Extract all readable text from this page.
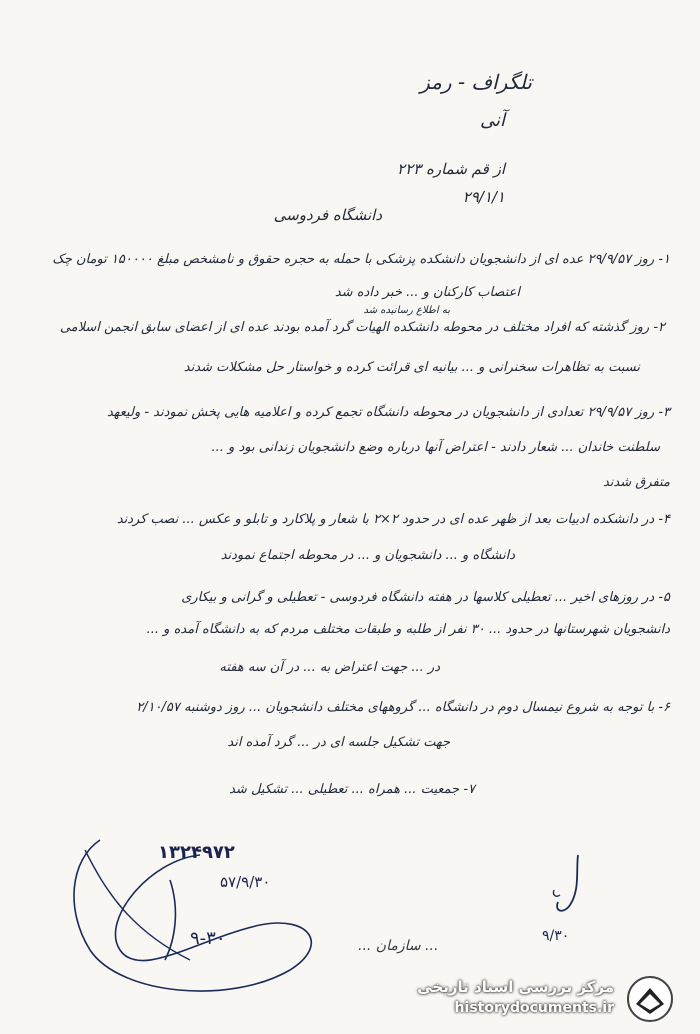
تلگراف - رمز
آنی
از قم شماره ۲۲۳
۲۹/۱/۱
دانشگاه فردوسی
۱- روز ۲۹/۹/۵۷ عده ای از دانشجویان دانشکده پزشکی با حمله به حجره حقوق و نامشخص مبلغ ۱۵۰۰۰۰ تومان چک
اعتصاب کارکنان و ... خبر داده شد
به اطلاع رسانیده شد
۲- روز گذشته که افراد مختلف در محوطه دانشکده الهیات گرد آمده بودند عده ای از اعضای سابق انجمن اسلامی
نسبت به تظاهرات سخنرانی و ... بیانیه ای قرائت کرده و خواستار حل مشکلات شدند
۳- روز ۲۹/۹/۵۷ تعدادی از دانشجویان در محوطه دانشگاه تجمع کرده و اعلامیه هایی پخش نمودند - ولیعهد
سلطنت خاندان ... شعار دادند - اعتراض آنها درباره وضع دانشجویان زندانی بود و ...
متفرق شدند
۴- در دانشکده ادبیات بعد از ظهر عده ای در حدود ۲×۲ با شعار و پلاکارد و تابلو و عکس ... نصب کردند
دانشگاه و ... دانشجویان و ... در محوطه اجتماع نمودند
۵- در روزهای اخیر ... تعطیلی کلاسها در هفته دانشگاه فردوسی - تعطیلی و گرانی و بیکاری
دانشجویان شهرستانها در حدود ... ۳۰ نفر از طلبه و طبقات مختلف مردم که به دانشگاه آمده و ...
در ... جهت اعتراض به ... در آن سه هفته
۶- با توجه به شروع نیمسال دوم در دانشگاه ... گروههای مختلف دانشجویان ... روز دوشنبه ۲/۱۰/۵۷
جهت تشکیل جلسه ای در ... گرد آمده اند
۷- جمعیت ... همراه ... تعطیلی ... تشکیل شد
۱۳۲۴۹۷۲
۵۷/۹/۳۰
۹-۳۰	۹/۳۰
... سازمان ...
مرکز بررسی اسناد تاریخی
historydocuments.ir
